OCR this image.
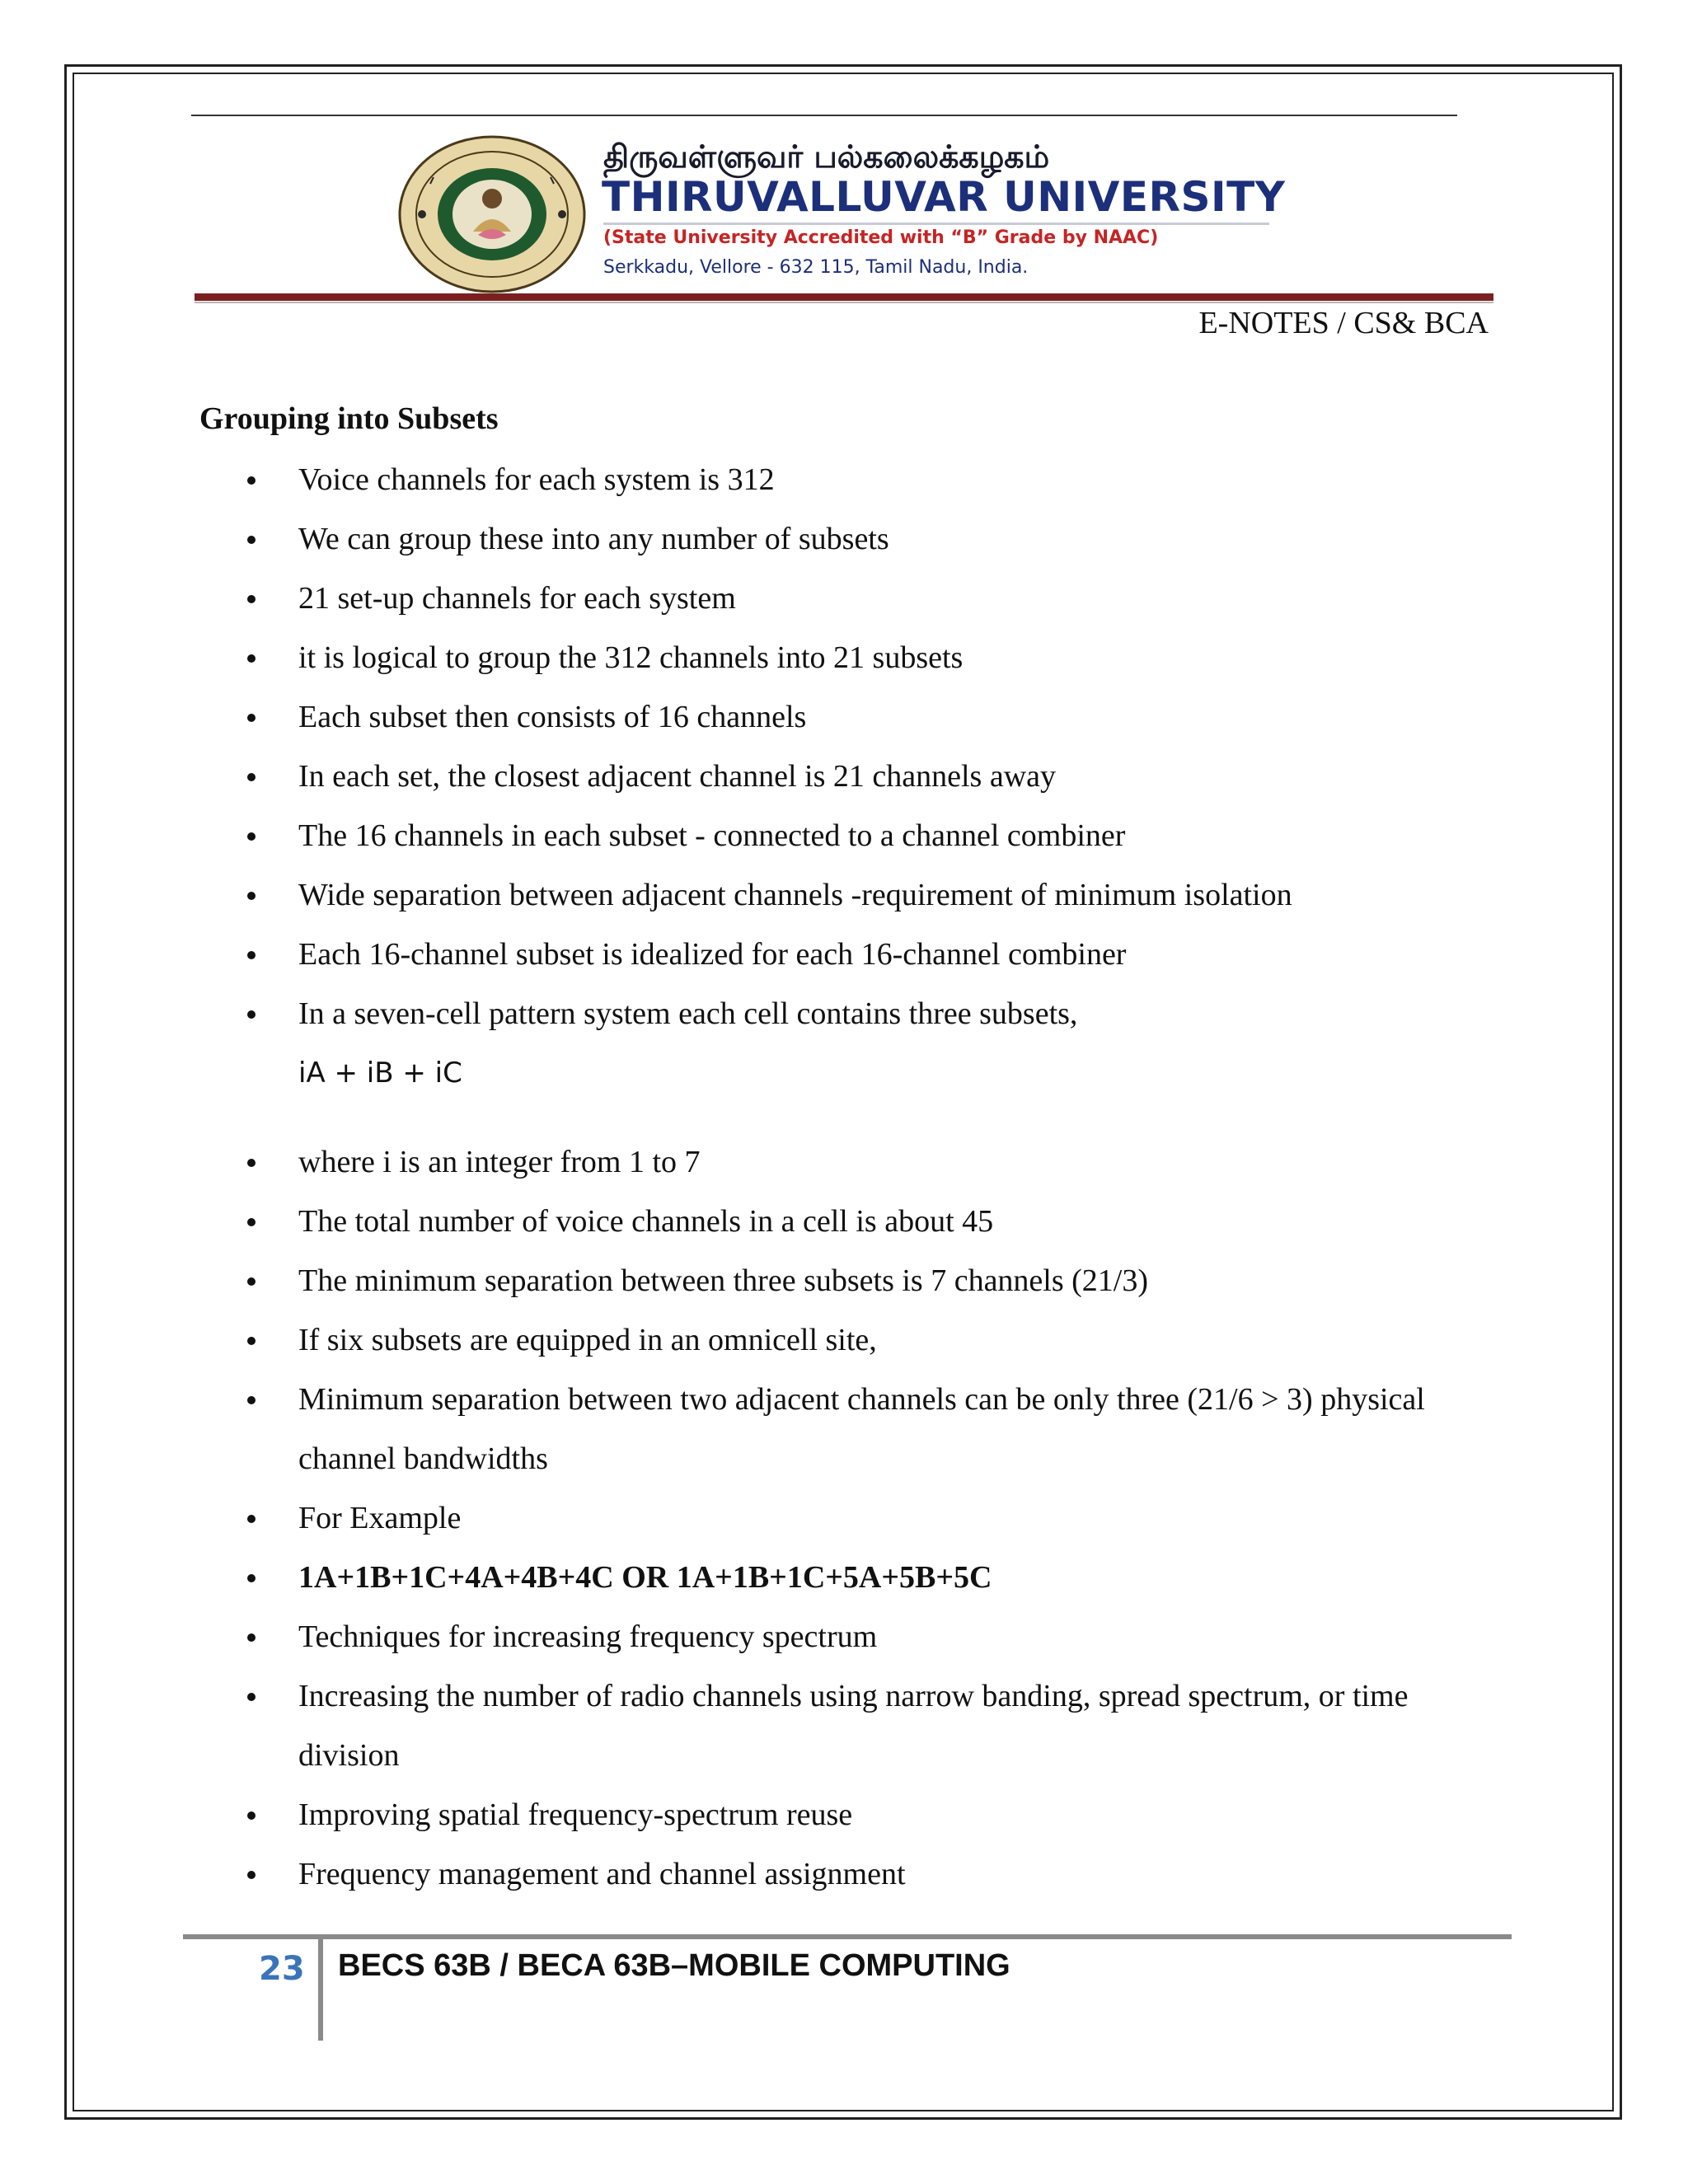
திருவள்ளுவர் பல்கலைக்கழகம்
THIRUVALLUVAR UNIVERSITY
(State University Accredited with “B” Grade by NAAC)
Serkkadu, Vellore - 632 115, Tamil Nadu, India.
E-NOTES / CS& BCA
Grouping into Subsets
Voice channels for each system is 312
We can group these into any number of subsets
21 set-up channels for each system
it is logical to group the 312 channels into 21 subsets
Each subset then consists of 16 channels
In each set, the closest adjacent channel is 21 channels away
The 16 channels in each subset - connected to a channel combiner
Wide separation between adjacent channels -requirement of minimum isolation
Each 16-channel subset is idealized for each 16-channel combiner
In a seven-cell pattern system each cell contains three subsets,
iA + iB + iC
where i is an integer from 1 to 7
The total number of voice channels in a cell is about 45
The minimum separation between three subsets is 7 channels (21/3)
If six subsets are equipped in an omnicell site,
Minimum separation between two adjacent channels can be only three (21/6 > 3) physical
channel bandwidths
For Example
1A+1B+1C+4A+4B+4C OR 1A+1B+1C+5A+5B+5C
Techniques for increasing frequency spectrum
Increasing the number of radio channels using narrow banding, spread spectrum, or time
division
Improving spatial frequency-spectrum reuse
Frequency management and channel assignment
23 BECS 63B / BECA 63B–MOBILE COMPUTING
